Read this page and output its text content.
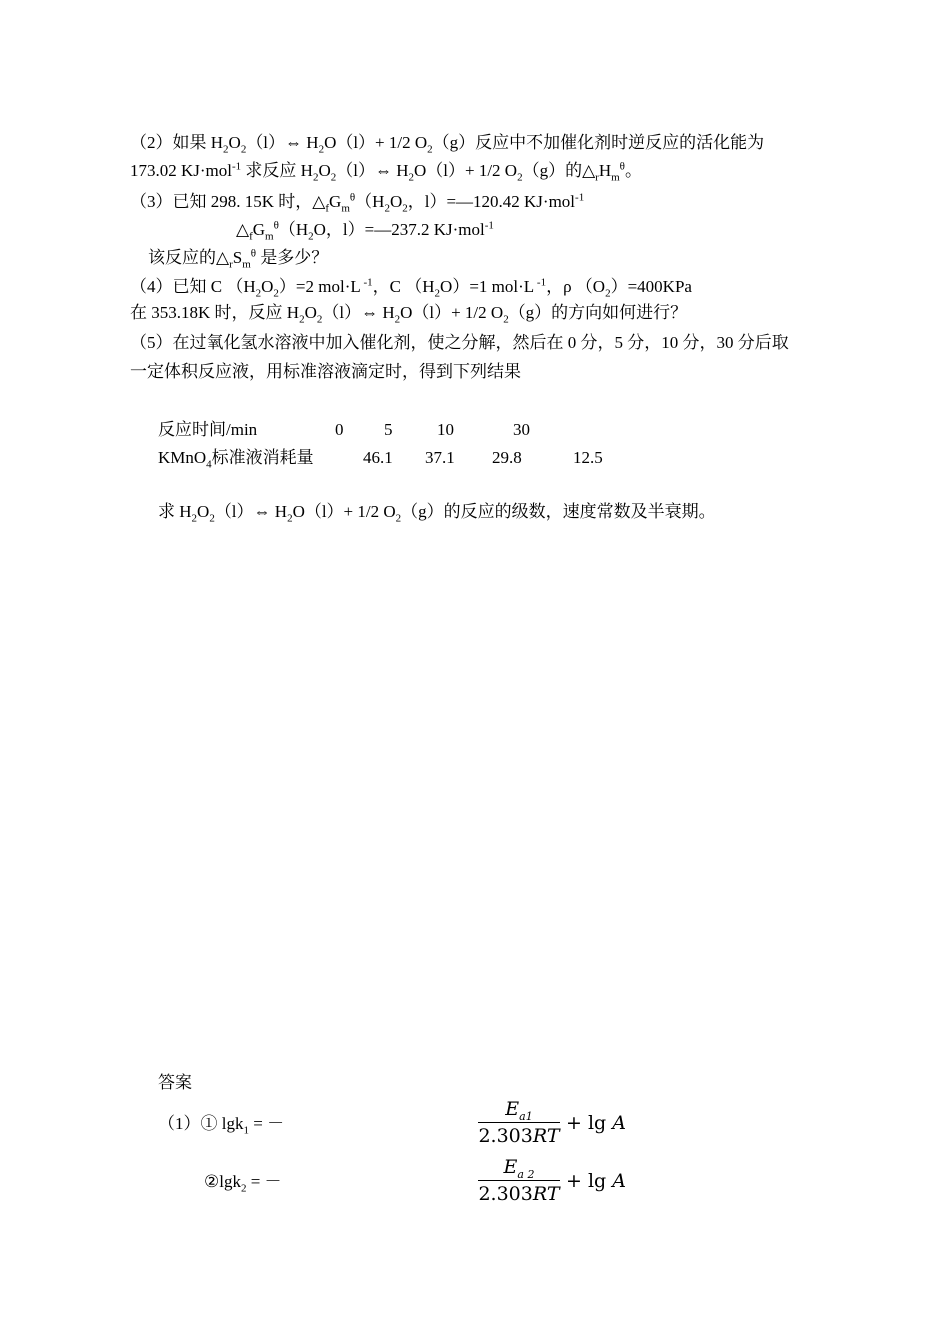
（2）如果 $H_2O_2(l)\Leftrightarrow$ $H_2O(l)+ 1/2$ $O_2(g)$反应中不加催化剂时逆反应的活化能为
173.02 KJ·mol$^{-1}$ 求反应 $H_2O_2(l)\Leftrightarrow$ $H_2O(l)+ 1/2$ $O_2(g)$的$\triangle_rH_m^\theta$。
（3）已知 298. 15K 时，$\triangle_fG_m^\theta(H_2O_2$，l）=—120.42 KJ·mol$^{-1}$
$\triangle_fG_m^\theta(H_2O$，l）=—237.2 KJ·mol$^{-1}$
该反应的$\triangle_rS_m^\theta$ 是多少？
（4）已知 C $(H_2O_2)=2$ mol·L $^{-1}$，C $(H_2O)=1$ mol·L $^{-1}$，ρ $(O_2)=400KPa$
在 353.18K 时，反应 $H_2O_2(l)\Leftrightarrow$ $H_2O(l)+ 1/2$ $O_2(g)$的方向如何进行？
（5）在过氧化氢水溶液中加入催化剂，使之分解，然后在 0 分，5 分，10 分，30 分后取
一定体积反应液，用标准溶液滴定时，得到下列结果
反应时间/min	0 5	10	30
KMnO$_4$标准液消耗量	46.1 37.1 29.8	12.5
求 $H_2O_2(l)\Leftrightarrow$ $H_2O(l)+ 1/2$ $O_2(g)$的反应的级数，速度常数及半衰期。
答案
（1）① lgk$_1$ = －
$E_{a1}$
2.303RT
+ lg A
②lgk$_2$ = －
$E_{a 2}$
2.303RT
+ lg A
